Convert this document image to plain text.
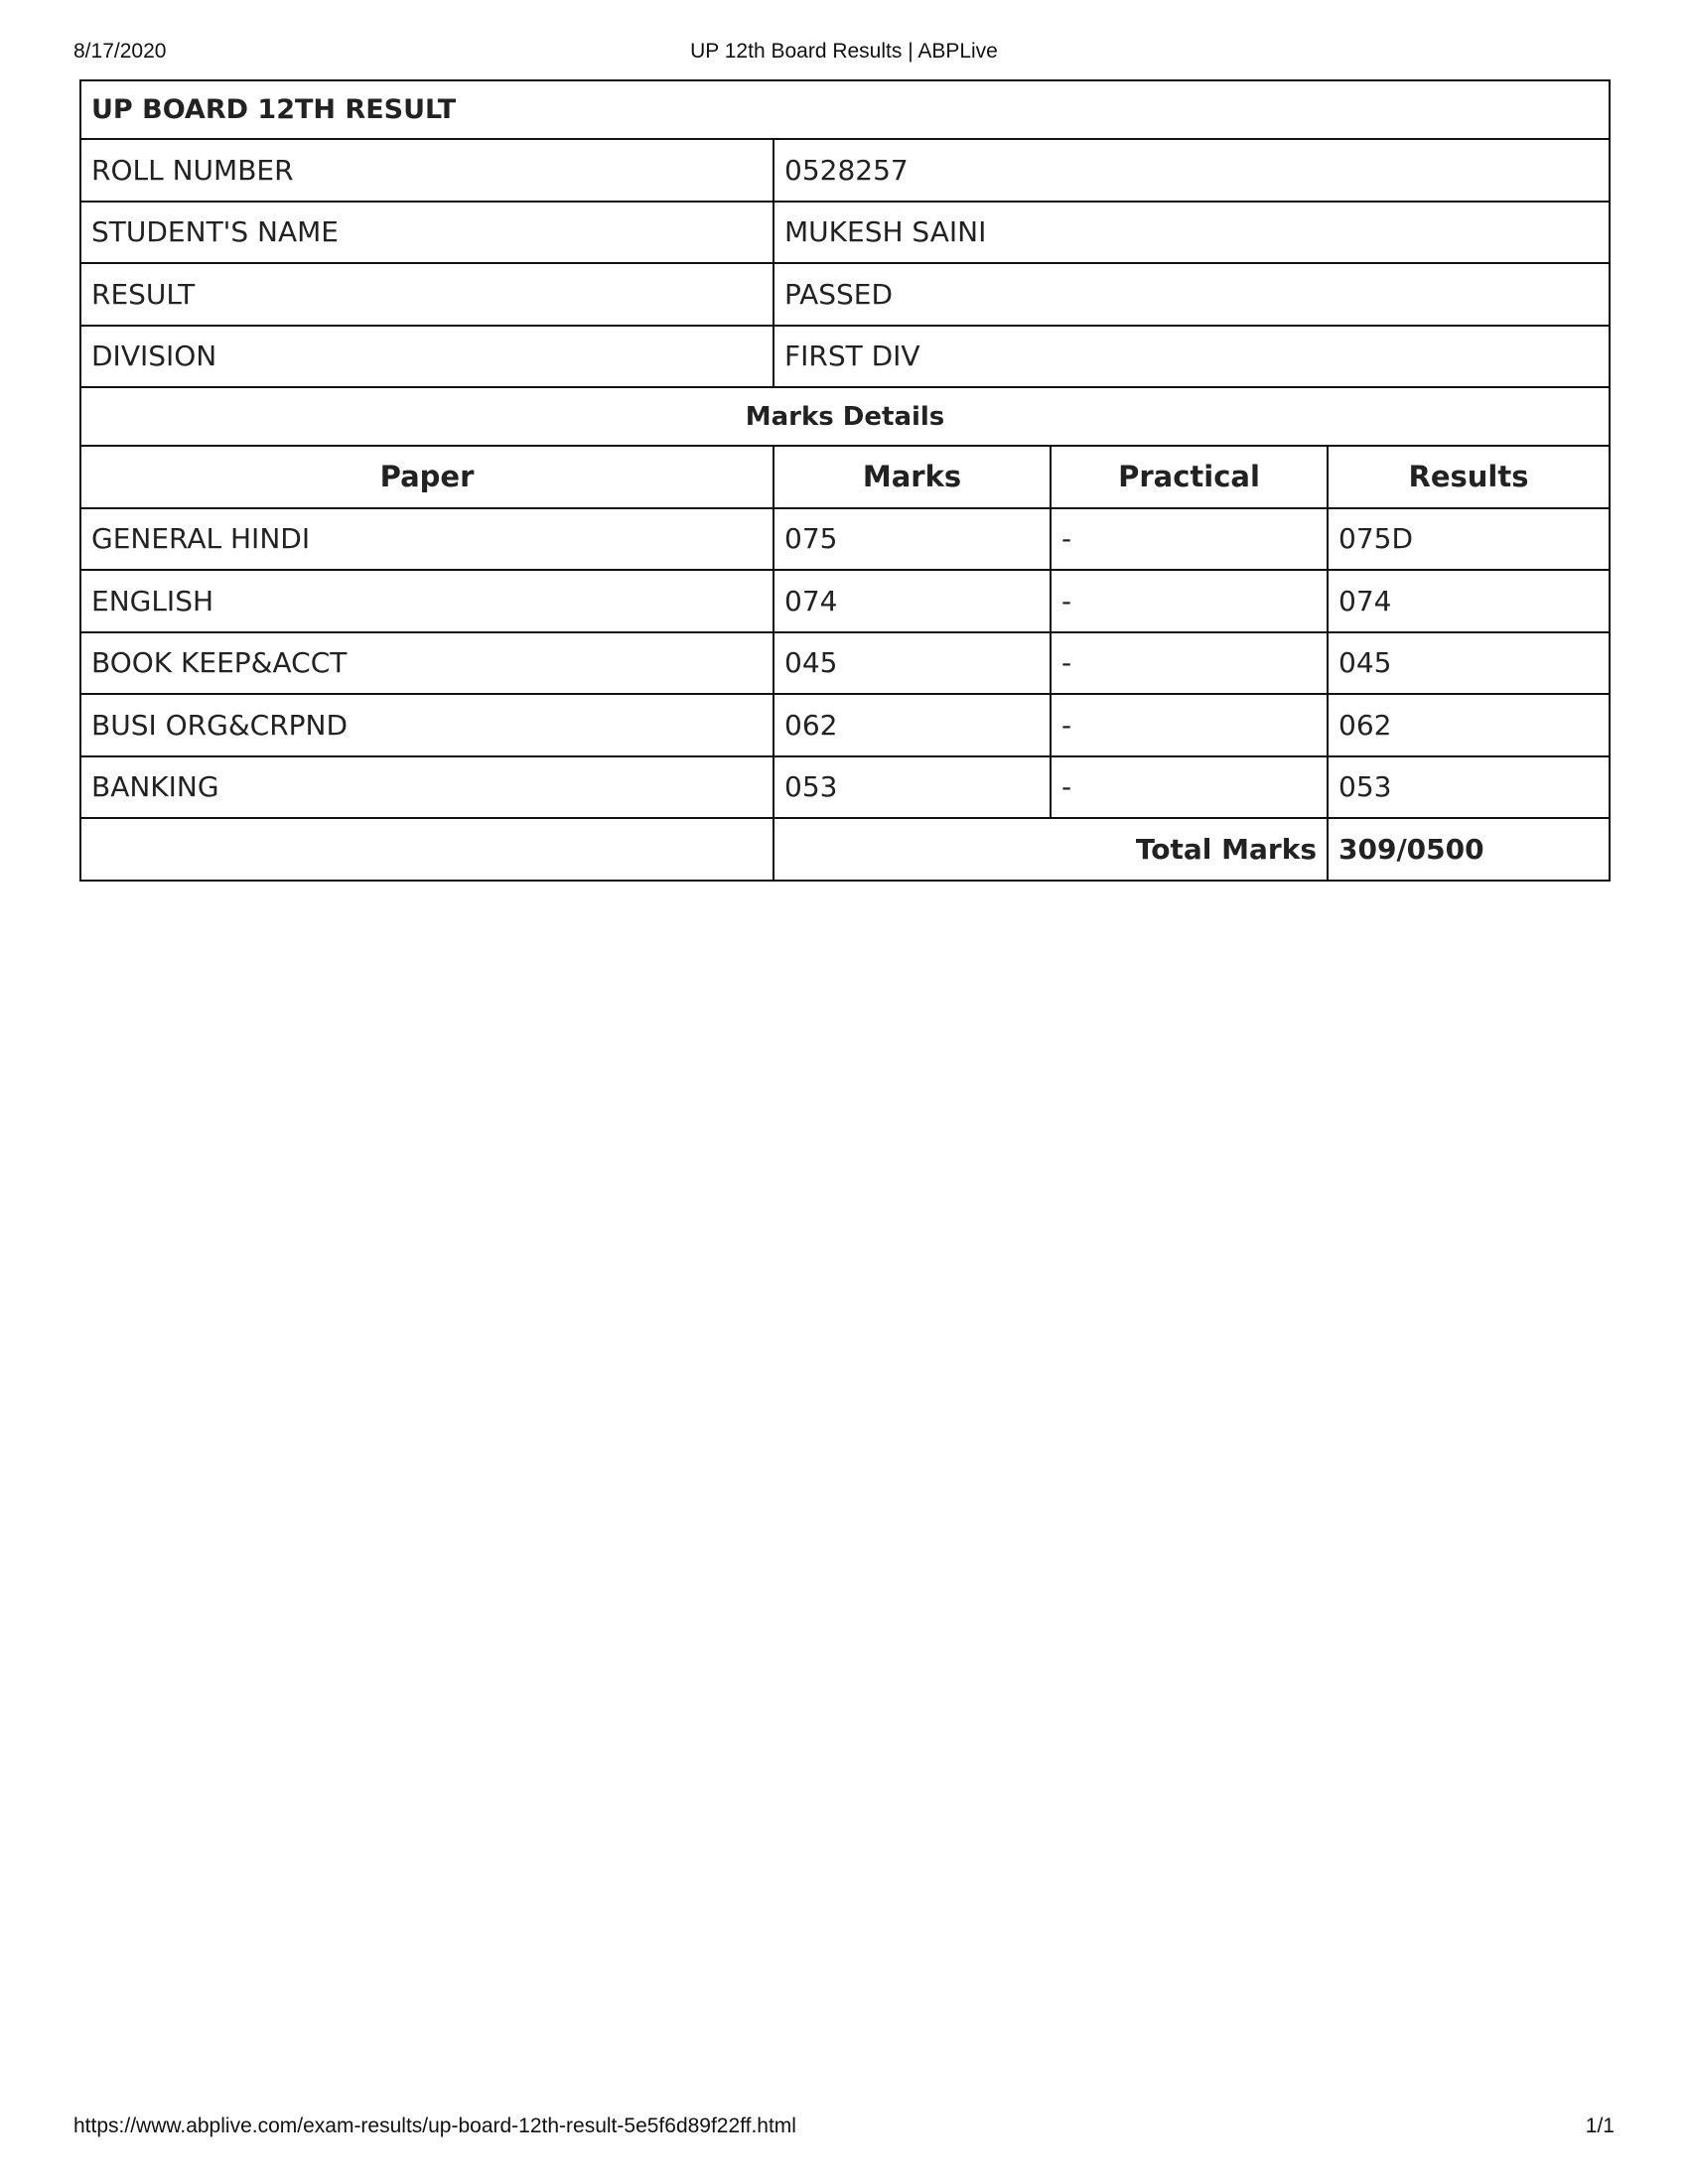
8/17/2020	UP 12th Board Results | ABPLive
UP BOARD 12TH RESULT			
ROLL NUMBER	0528257		
STUDENT'S NAME	MUKESH SAINI		
RESULT	PASSED		
DIVISION	FIRST DIV		
Marks Details			
Paper	Marks	Practical	Results
GENERAL HINDI	075	-	075D
ENGLISH	074	-	074
BOOK KEEP&ACCT	045	-	045
BUSI ORG&CRPND	062	-	062
BANKING	053	-	053
	Total Marks		309/0500
https://www.abplive.com/exam-results/up-board-12th-result-5e5f6d89f22ff.html	1/1
